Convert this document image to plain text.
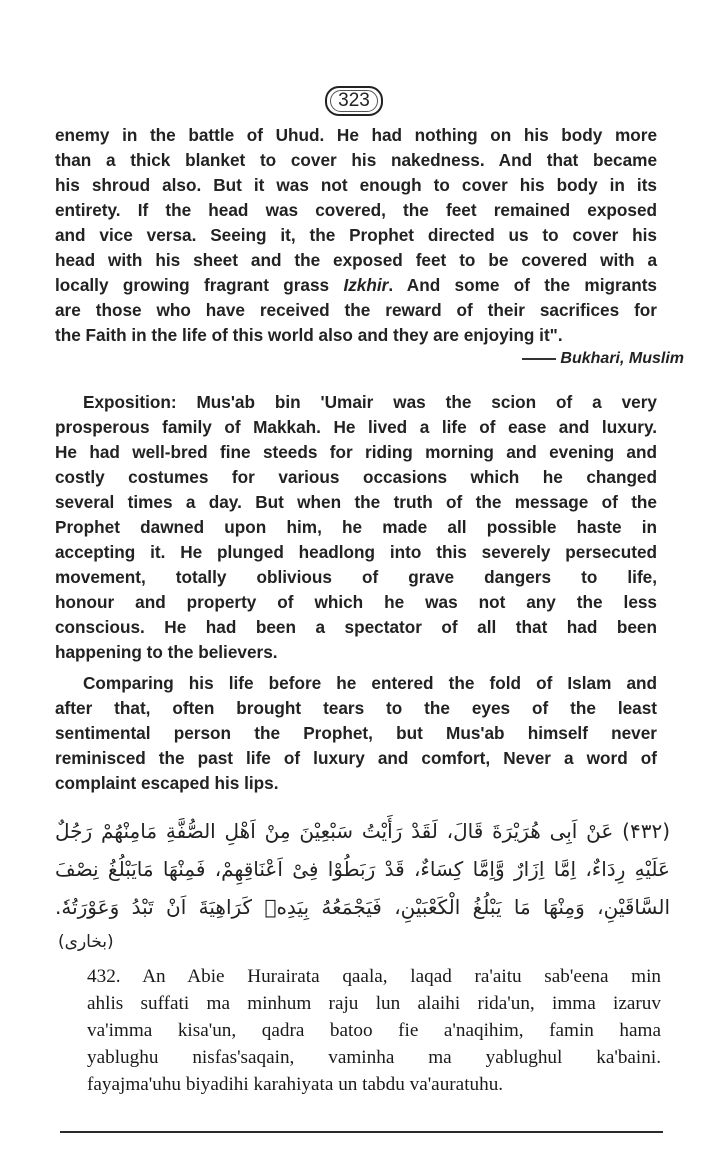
323
enemy in the battle of Uhud. He had nothing on his body more
than a thick blanket to cover his nakedness. And that became
his shroud also. But it was not enough to cover his body in its
entirety. If the head was covered, the feet remained exposed
and vice versa. Seeing it, the Prophet directed us to cover his
head with his sheet and the exposed feet to be covered with a
locally growing fragrant grass Izkhir. And some of the migrants
are those who have received the reward of their sacrifices for
the Faith in the life of this world also and they are enjoying it".
Bukhari, Muslim
Exposition: Mus'ab bin 'Umair was the scion of a very
prosperous family of Makkah. He lived a life of ease and luxury.
He had well-bred fine steeds for riding morning and evening and
costly costumes for various occasions which he changed
several times a day. But when the truth of the message of the
Prophet dawned upon him, he made all possible haste in
accepting it. He plunged headlong into this severely persecuted
movement, totally oblivious of grave dangers to life,
honour and property of which he was not any the less
conscious. He had been a spectator of all that had been
happening to the believers.
Comparing his life before he entered the fold of Islam and
after that, often brought tears to the eyes of the least
sentimental person the Prophet, but Mus'ab himself never
reminisced the past life of luxury and comfort, Never a word of
complaint escaped his lips.
(۴۳۲) عَنْ اَبِی هُرَیْرَةَ قَالَ، لَقَدْ رَأَیْتُ سَبْعِیْنَ مِنْ اَهْلِ الصُّفَّةِ مَامِنْهُمْ رَجُلٌ
عَلَیْهِ رِدَاءٌ، اِمَّا اِزَارٌ وَّاِمَّا كِسَاءٌ، قَدْ رَبَطُوْا فِیْ اَعْنَاقِهِمْ، فَمِنْهَا مَایَبْلُغُ نِصْفَ
السَّاقَیْنِ، وَمِنْهَا مَا یَبْلُغُ الْكَعْبَیْنِ، فَیَجْمَعُهُ بِیَدِهٖ كَرَاهِیَةَ اَنْ تَبْدُ وَعَوْرَتُهٗ.
(بخاری)
432. An Abie Hurairata qaala, laqad ra'aitu sab'eena min
ahlis suffati ma minhum raju lun alaihi rida'un, imma izaruv
va'imma kisa'un, qadra batoo fie a'naqihim, famin hama
yablughu nisfas'saqain, vaminha ma yablughul ka'baini.
fayajma'uhu biyadihi karahiyata un tabdu va'auratuhu.
